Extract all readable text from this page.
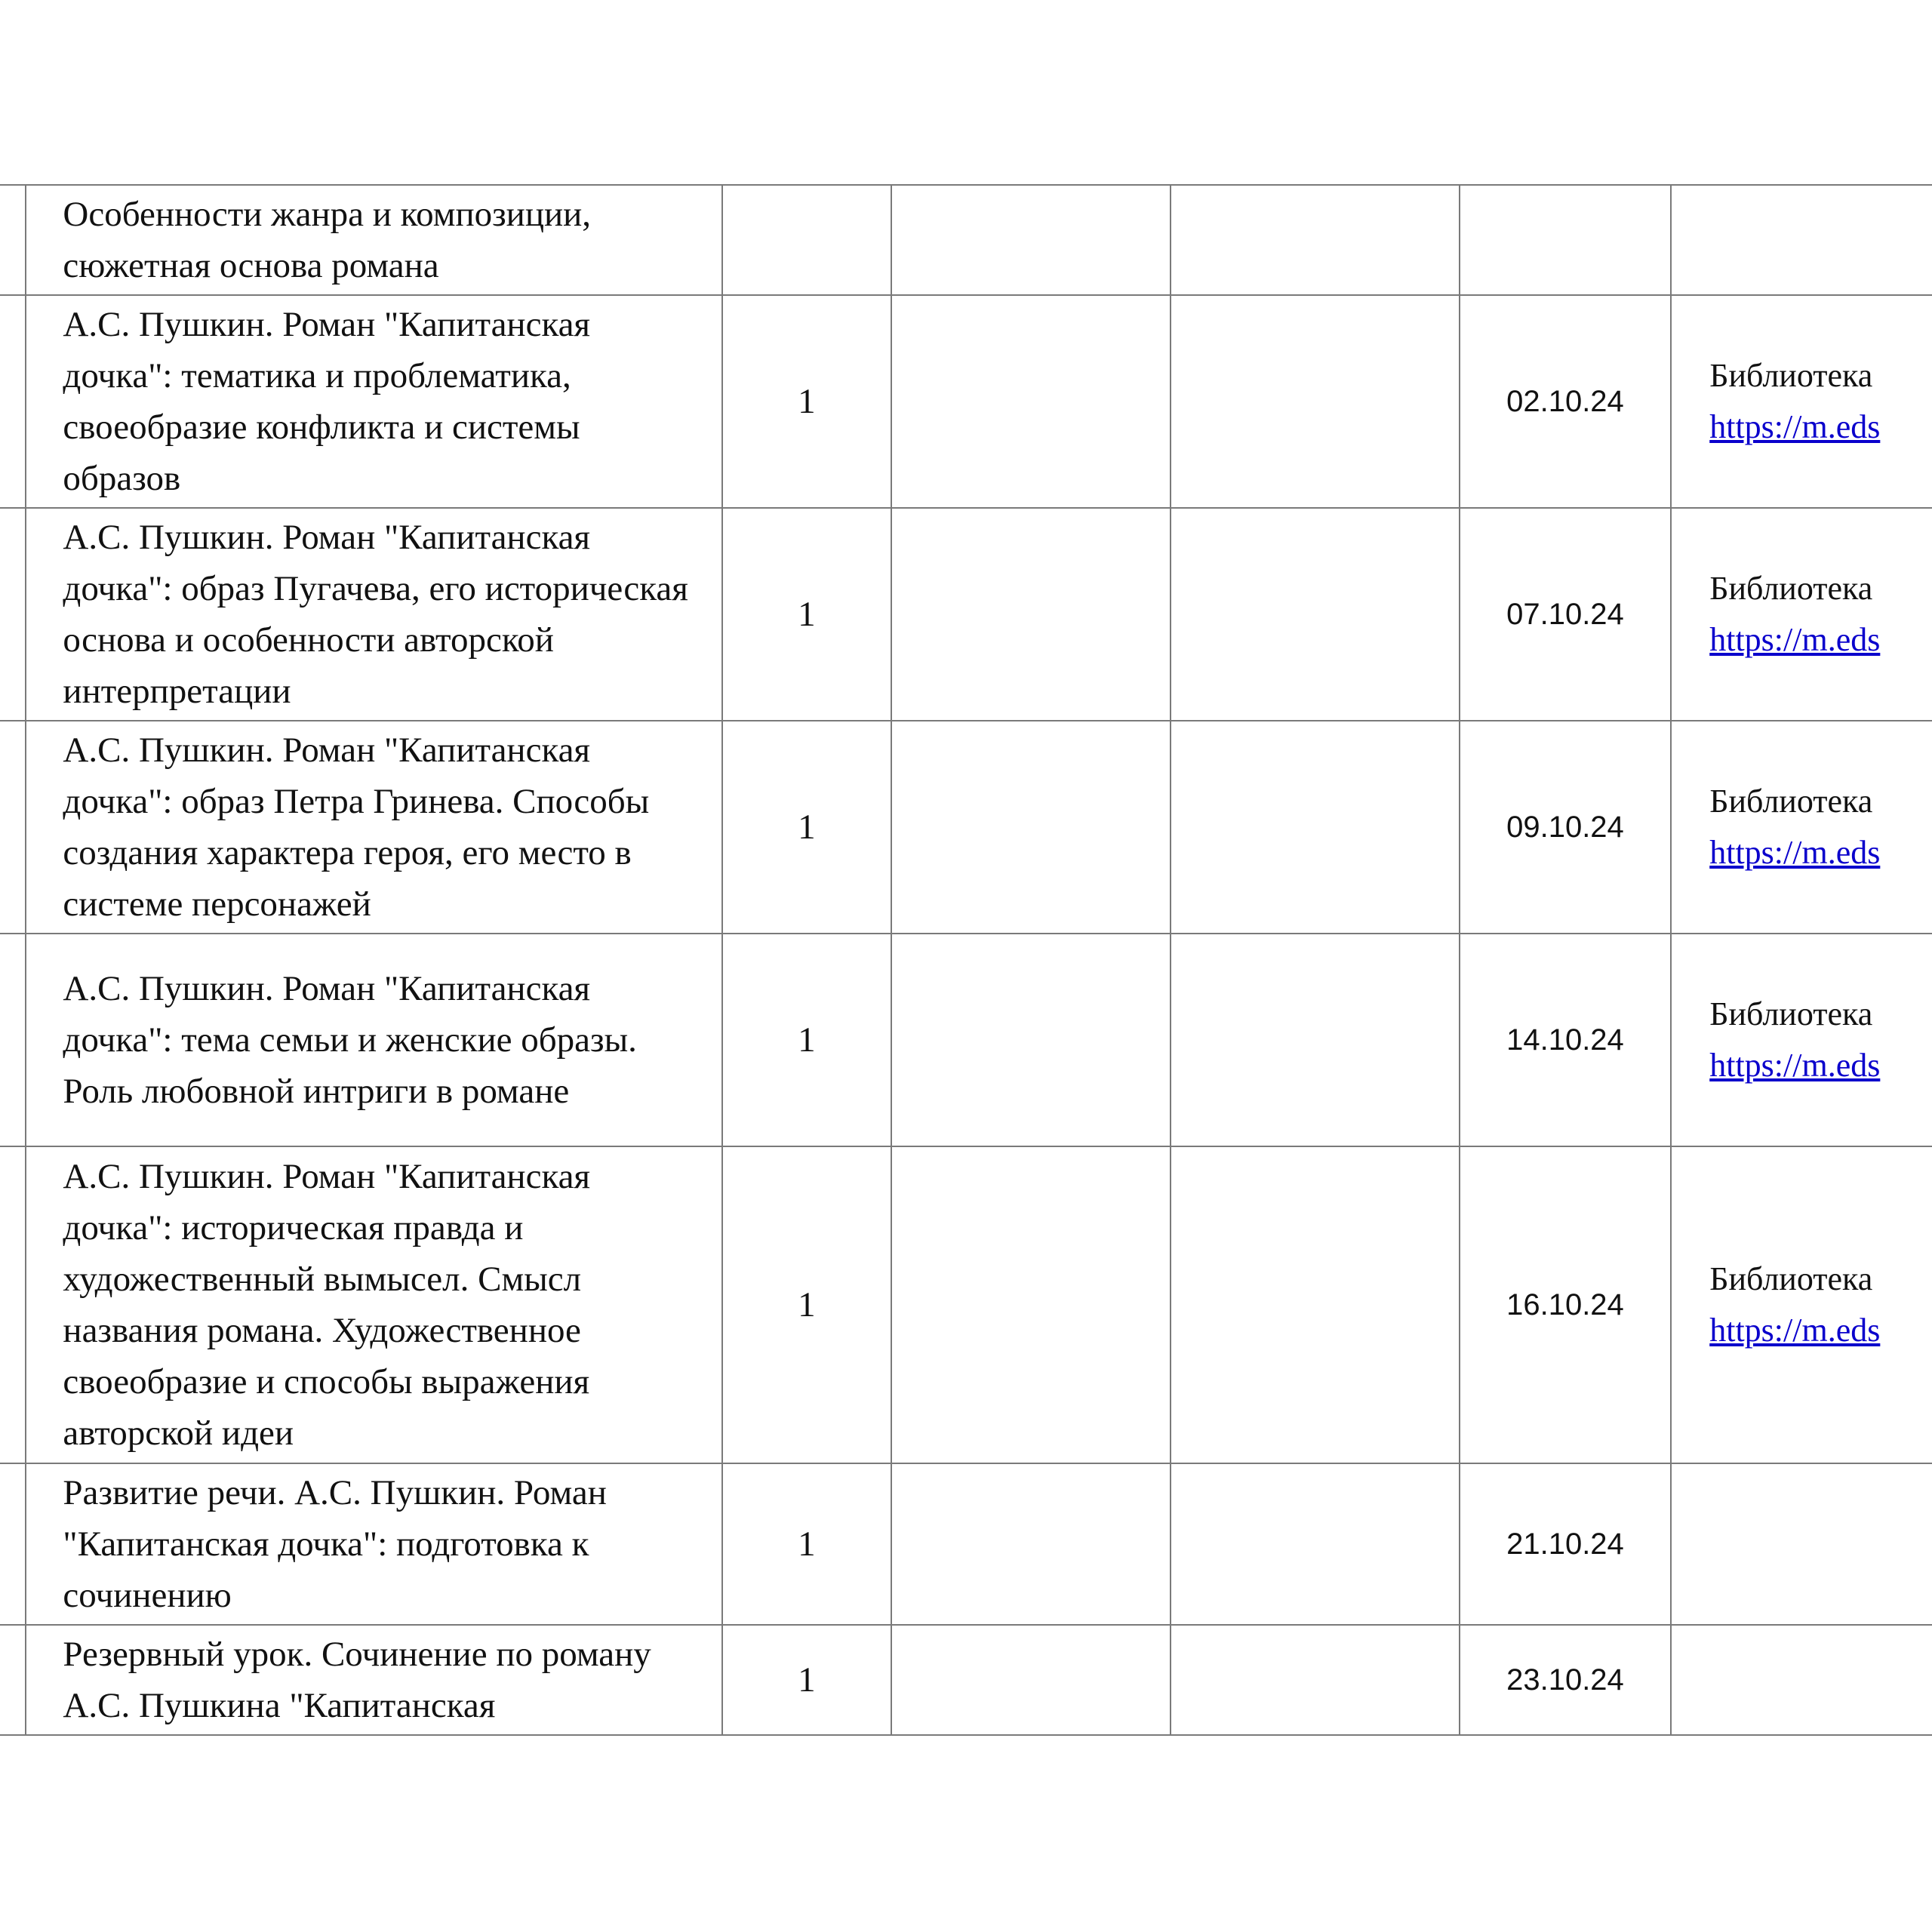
	Особенности жанра и композиции, сюжетная основа романа					
	А.С. Пушкин. Роман "Капитанская дочка": тематика и проблематика, своеобразие конфликта и системы образов	1			02.10.24	Библиотека
https://m.eds
	А.С. Пушкин. Роман "Капитанская дочка": образ Пугачева, его историческая основа и особенности авторской интерпретации	1			07.10.24	Библиотека
https://m.eds
	А.С. Пушкин. Роман "Капитанская дочка": образ Петра Гринева. Способы создания характера героя, его место в системе персонажей	1			09.10.24	Библиотека
https://m.eds
	А.С. Пушкин. Роман "Капитанская дочка": тема семьи и женские образы. Роль любовной интриги в романе	1			14.10.24	Библиотека
https://m.eds
	А.С. Пушкин. Роман "Капитанская дочка": историческая правда и художественный вымысел. Смысл названия романа. Художественное своеобразие и способы выражения авторской идеи	1			16.10.24	Библиотека
https://m.eds
	Развитие речи. А.С. Пушкин. Роман "Капитанская дочка": подготовка к сочинению	1			21.10.24	
	Резервный урок. Сочинение по роману А.С. Пушкина "Капитанская	1			23.10.24	
